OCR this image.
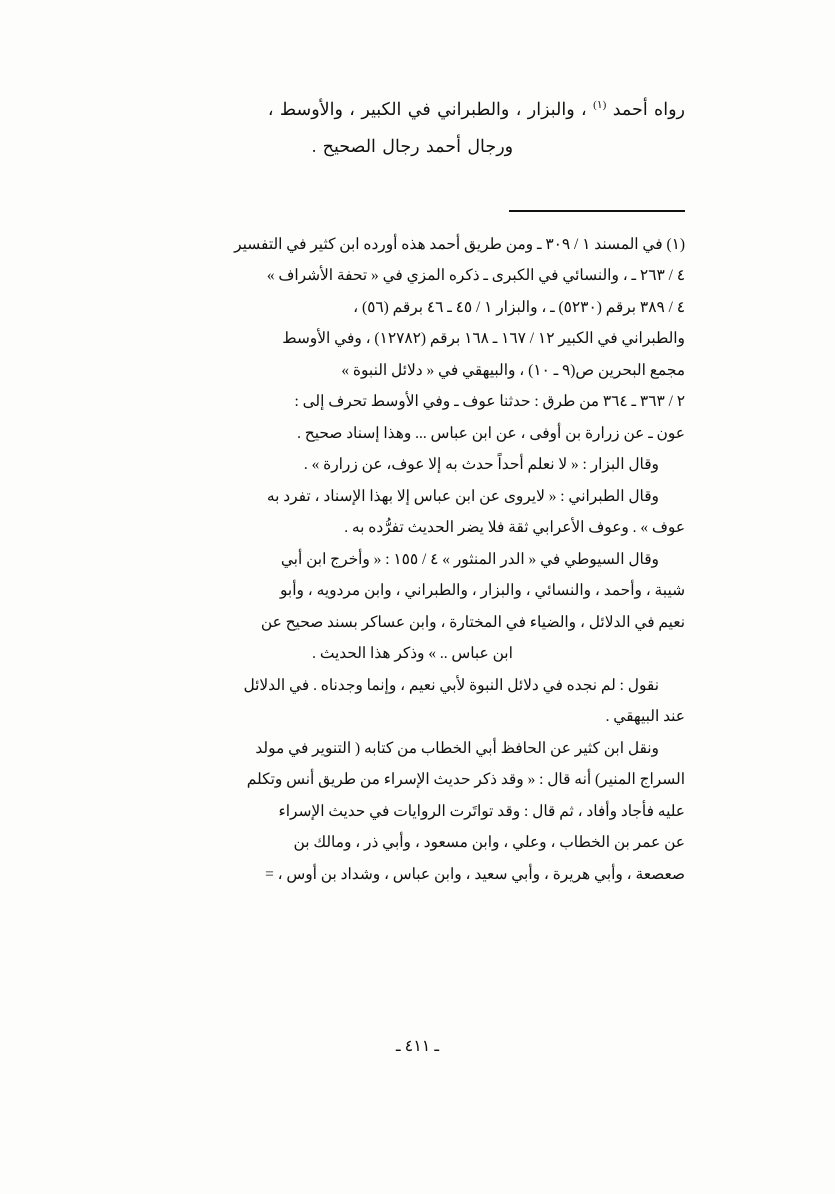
رواه أحمد $^{(١)}$ ، والبزار ، والطبراني في الكبير ، والأوسط ،

ورجال أحمد رجال الصحيح .

(١) في المسند ١ / ٣٠٩ ـ ومن طريق أحمد هذه أورده ابن كثير في التفسير

٤ / ٢٦٣ ـ ، والنسائي في الكبرى ـ ذكره المزي في « تحفة الأشراف »

٤ / ٣٨٩ برقم (٥٢٣٠) ـ ، والبزار ١ / ٤٥ ـ ٤٦ برقم (٥٦) ،

والطبراني في الكبير ١٢ / ١٦٧ ـ ١٦٨ برقم (١٢٧٨٢) ، وفي الأوسط

مجمع البحرين ص(٩ ـ ١٠) ، والبيهقي في « دلائل النبوة »

٢ / ٣٦٣ ـ ٣٦٤ من طرق : حدثنا عوف ـ وفي الأوسط تحرف إلى :

عون ـ عن زرارة بن أوفى ، عن ابن عباس ... وهذا إسناد صحيح .

وقال البزار : « لا نعلم أحداً حدث به إلا عوف، عن زرارة » .

وقال الطبراني : « لايروى عن ابن عباس إلا بهذا الإسناد ، تفرد به

عوف » . وعوف الأعرابي ثقة فلا يضر الحديث تفرُّده به .

وقال السيوطي في « الدر المنثور » ٤ / ١٥٥ : « وأخرج ابن أبي

شيبة ، وأحمد ، والنسائي ، والبزار ، والطبراني ، وابن مردويه ، وأبو

نعيم في الدلائل ، والضياء في المختارة ، وابن عساكر بسند صحيح عن

ابن عباس .. » وذكر هذا الحديث .

نقول : لم نجده في دلائل النبوة لأبي نعيم ، وإنما وجدناه . في الدلائل

عند البيهقي .

ونقل ابن كثير عن الحافظ أبي الخطاب من كتابه ( التنوير في مولد

السراج المنير) أنه قال : « وقد ذكر حديث الإسراء من طريق أنس وتكلم

عليه فأجاد وأفاد ، ثم قال : وقد تواتَرت الروايات في حديث الإسراء

عن عمر بن الخطاب ، وعلي ، وابن مسعود ، وأبي ذر ، ومالك بن

صعصعة ، وأبي هريرة ، وأبي سعيد ، وابن عباس ، وشداد بن أوس ، =

ـ ٤١١ ـ
